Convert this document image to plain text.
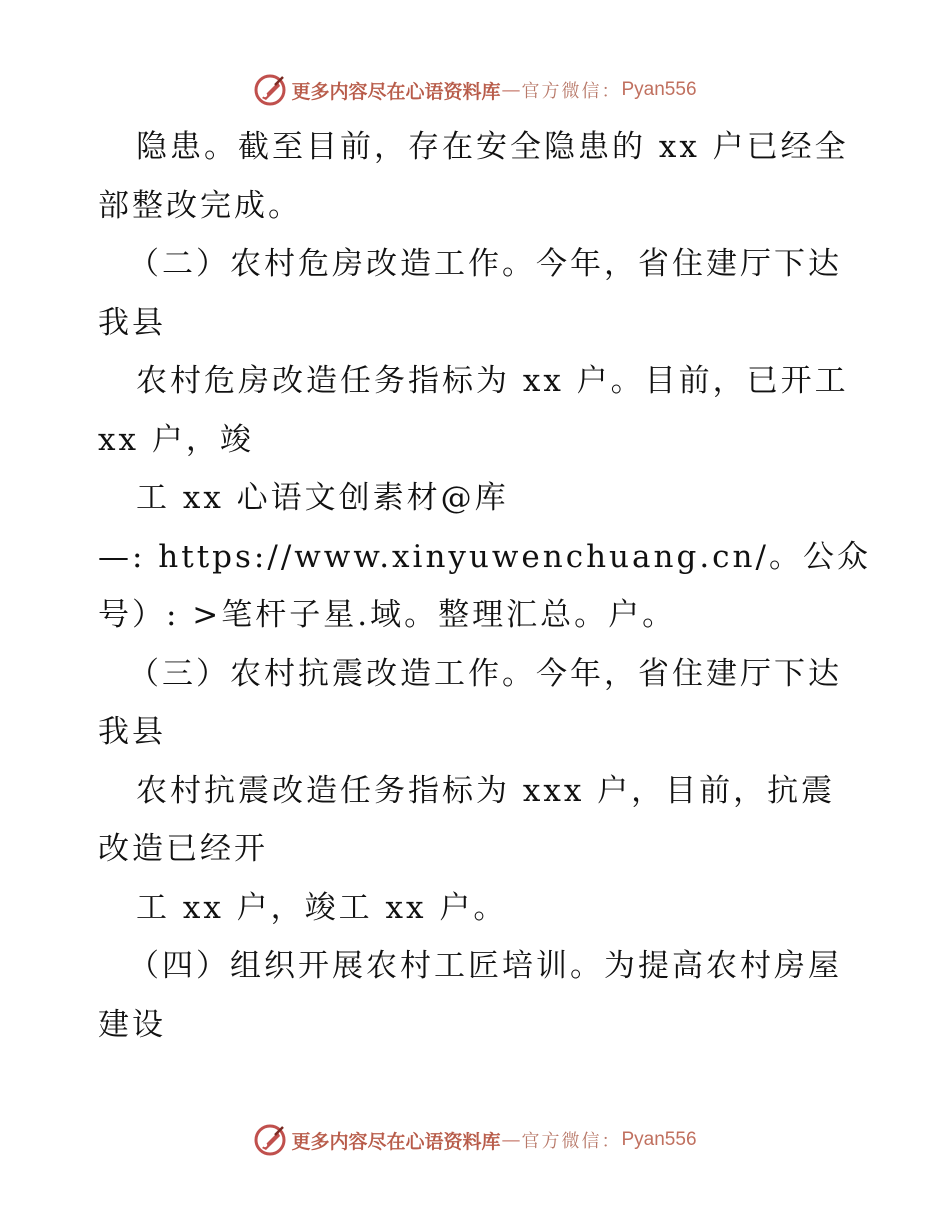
更多内容尽在心语资料库 — 官方微信： Pyan556
隐患。截至目前，存在安全隐患的 xx 户已经全
部整改完成。
（二）农村危房改造工作。今年，省住建厅下达
我县
农村危房改造任务指标为 xx 户。目前，已开工
xx 户，竣
工 xx 心语文创素材@库
—: https://www.xinyuwenchuang.cn/。公众
号）: >笔杆子星.域。整理汇总。户。
（三）农村抗震改造工作。今年，省住建厅下达
我县
农村抗震改造任务指标为 xxx 户，目前，抗震
改造已经开
工 xx 户，竣工 xx 户。
（四）组织开展农村工匠培训。为提高农村房屋
建设
更多内容尽在心语资料库 — 官方微信： Pyan556
